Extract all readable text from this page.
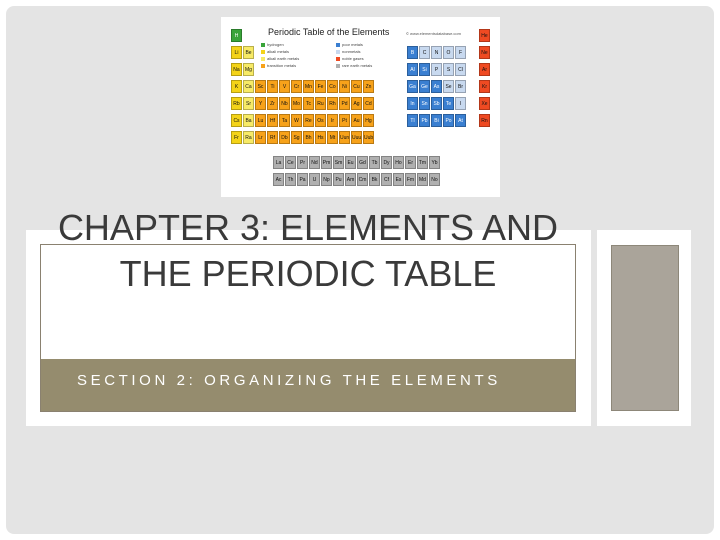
Periodic Table of the Elements	© www.elementsdatabase.com
hydrogen
alkali metals
alkali earth metals
transition metals
poor metals
nonmetals
noble gases
rare earth metals
H	He
Li	Be	B	C	N	O	F	Ne
Na	Mg	Al	Si	P	S	Cl	Ar
K	Ca	Sc	Ti	V	Cr	Mn	Fe	Co	Ni	Cu	Zn	Ga	Ge	As	Se	Br	Kr
Rb	Sr	Y	Zr	Nb	Mo	Tc	Ru	Rh	Pd	Ag	Cd	In	Sn	Sb	Te	I	Xe
Cs	Ba	Lu	Hf	Ta	W	Re	Os	Ir	Pt	Au	Hg	Tl	Pb	Bi	Po	At	Rn
Fr	Ra	Lr	Rf	Db	Sg	Bh	Hs	Mt Uun Uuu Uub
La	Ce	Pr	Nd	Pm Sm	Eu	Gd	Tb	Dy	Ho	Er	Tm	Yb
Ac	Th	Pa	U	Np	Pu	Am Cm	Bk	Cf	Es	Fm Md	No
CHAPTER 3: ELEMENTS AND THE PERIODIC TABLE
SECTION 2: ORGANIZING THE ELEMENTS
